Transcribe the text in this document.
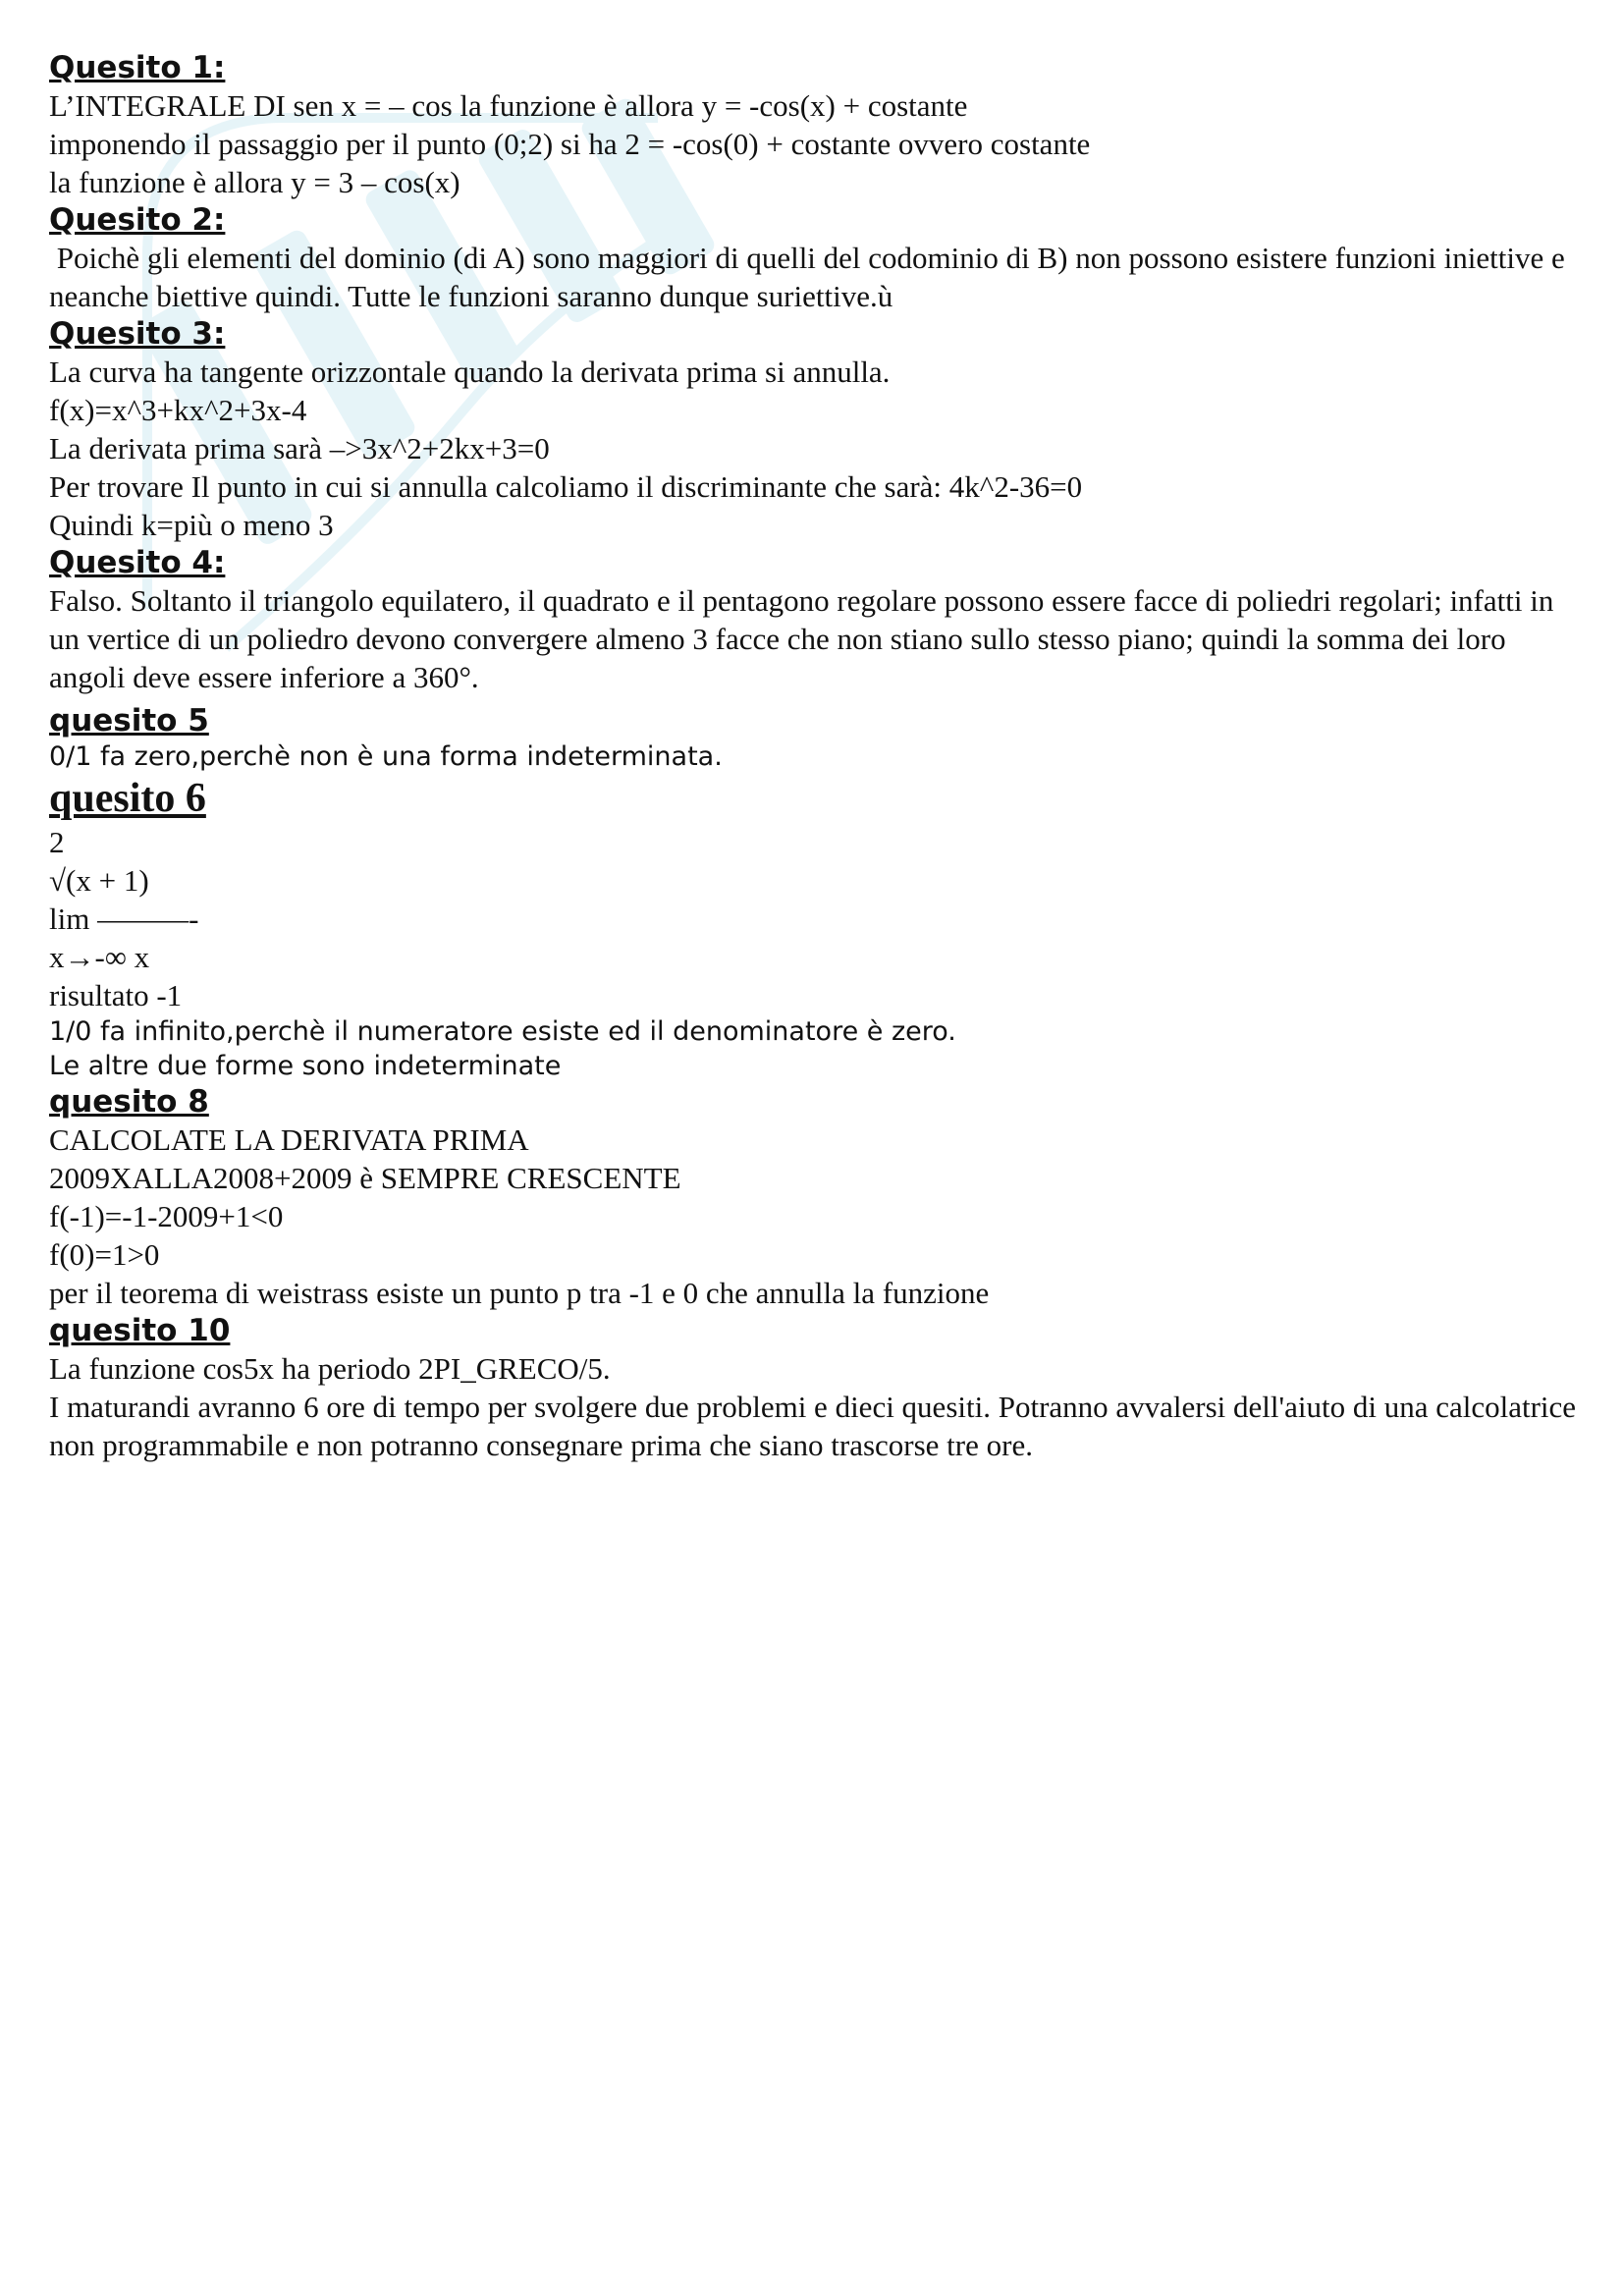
Quesito 1:

L’INTEGRALE DI sen x = – cos la funzione è allora y = -cos(x) + costante

imponendo il passaggio per il punto (0;2) si ha 2 = -cos(0) + costante ovvero costante

la funzione è allora y = 3 – cos(x)

Quesito 2:

Poichè gli elementi del dominio (di A) sono maggiori di quelli del codominio di B) non possono esistere funzioni iniettive e neanche biettive quindi. Tutte le funzioni saranno dunque suriettive.ù

Quesito 3:

La curva ha tangente orizzontale quando la derivata prima si annulla.

f(x)=x^3+kx^2+3x-4

La derivata prima sarà –>3x^2+2kx+3=0

Per trovare Il punto in cui si annulla calcoliamo il discriminante che sarà: 4k^2-36=0

Quindi k=più o meno 3

Quesito 4:

Falso. Soltanto il triangolo equilatero, il quadrato e il pentagono regolare possono essere facce di poliedri regolari; infatti in un vertice di un poliedro devono convergere almeno 3 facce che non stiano sullo stesso piano; quindi la somma dei loro angoli deve essere inferiore a 360°.

quesito 5

0/1 fa zero,perchè non è una forma indeterminata.

quesito 6

2

√(x + 1)

lim ———-

x→-∞ x

risultato -1

1/0 fa infinito,perchè il numeratore esiste ed il denominatore è zero.

Le altre due forme sono indeterminate

quesito 8

CALCOLATE LA DERIVATA PRIMA

2009XALLA2008+2009 è SEMPRE CRESCENTE

f(-1)=-1-2009+1<0

f(0)=1>0

per il teorema di weistrass esiste un punto p tra -1 e 0 che annulla la funzione

quesito 10

La funzione cos5x ha periodo 2PI_GRECO/5.

I maturandi avranno 6 ore di tempo per svolgere due problemi e dieci quesiti. Potranno avvalersi dell'aiuto di una calcolatrice non programmabile e non potranno consegnare prima che siano trascorse tre ore.
